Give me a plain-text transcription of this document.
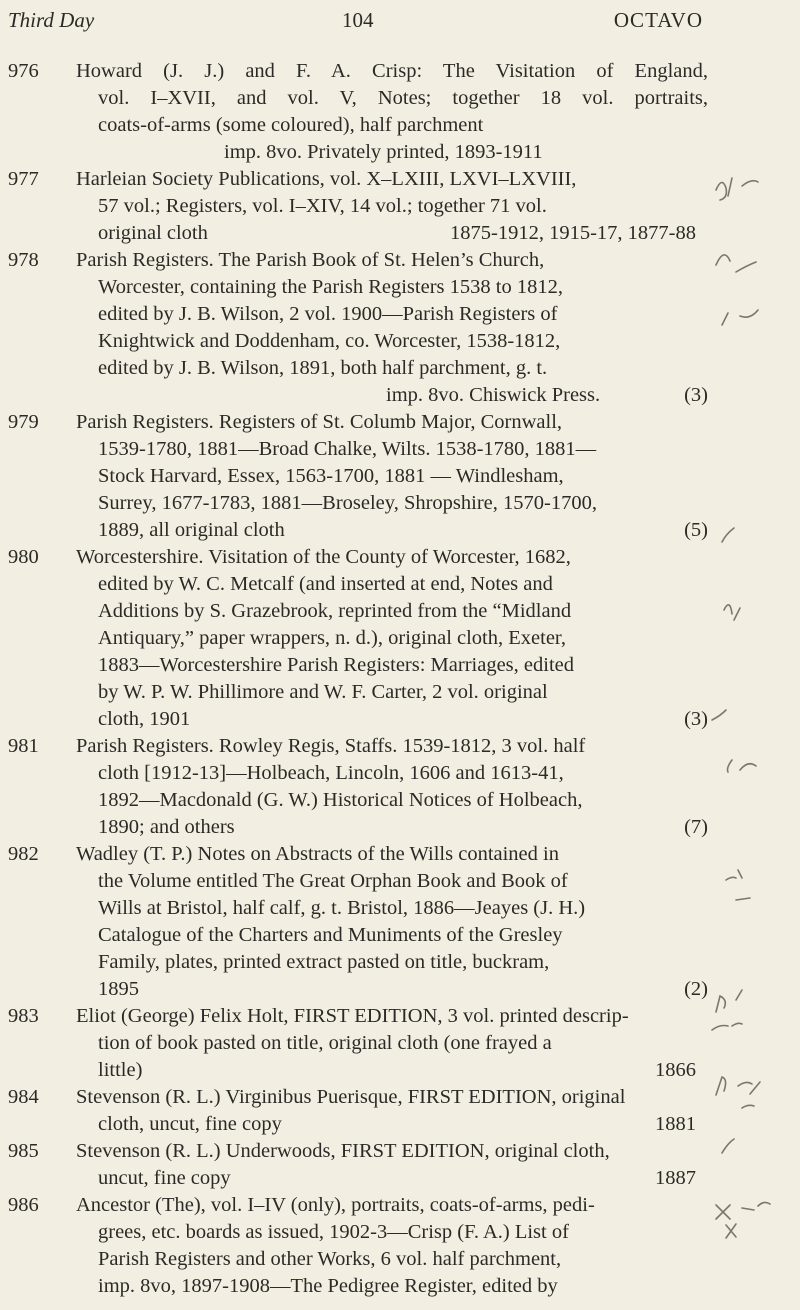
Third Day	104	OCTAVO
976 Howard (J. J.) and F. A. Crisp: The Visitation of England,
vol. I–XVII, and vol. V, Notes; together 18 vol. portraits,
coats-of-arms (some coloured), half parchment
imp. 8vo. Privately printed, 1893-1911
977 Harleian Society Publications, vol. X–LXIII, LXVI–LXVIII,
57 vol.; Registers, vol. I–XIV, 14 vol.; together 71 vol.
original cloth	1875-1912, 1915-17, 1877-88
978 Parish Registers. The Parish Book of St. Helen’s Church,
Worcester, containing the Parish Registers 1538 to 1812,
edited by J. B. Wilson, 2 vol. 1900—Parish Registers of
Knightwick and Doddenham, co. Worcester, 1538-1812,
edited by J. B. Wilson, 1891, both half parchment, g. t.
imp. 8vo. Chiswick Press.	(3)
979 Parish Registers. Registers of St. Columb Major, Cornwall,
1539-1780, 1881—Broad Chalke, Wilts. 1538-1780, 1881—
Stock Harvard, Essex, 1563-1700, 1881 — Windlesham,
Surrey, 1677-1783, 1881—Broseley, Shropshire, 1570-1700,
1889, all original cloth	(5)
980 Worcestershire. Visitation of the County of Worcester, 1682,
edited by W. C. Metcalf (and inserted at end, Notes and
Additions by S. Grazebrook, reprinted from the “Midland
Antiquary,” paper wrappers, n. d.), original cloth, Exeter,
1883—Worcestershire Parish Registers: Marriages, edited
by W. P. W. Phillimore and W. F. Carter, 2 vol. original
cloth, 1901	(3)
981 Parish Registers. Rowley Regis, Staffs. 1539-1812, 3 vol. half
cloth [1912-13]—Holbeach, Lincoln, 1606 and 1613-41,
1892—Macdonald (G. W.) Historical Notices of Holbeach,
1890; and others	(7)
982 Wadley (T. P.) Notes on Abstracts of the Wills contained in
the Volume entitled The Great Orphan Book and Book of
Wills at Bristol, half calf, g. t. Bristol, 1886—Jeayes (J. H.)
Catalogue of the Charters and Muniments of the Gresley
Family, plates, printed extract pasted on title, buckram,
1895	(2)
983 Eliot (George) Felix Holt, FIRST EDITION, 3 vol. printed descrip-
tion of book pasted on title, original cloth (one frayed a
little)	1866
984 Stevenson (R. L.) Virginibus Puerisque, FIRST EDITION, original
cloth, uncut, fine copy	1881
985 Stevenson (R. L.) Underwoods, FIRST EDITION, original cloth,
uncut, fine copy	1887
986 Ancestor (The), vol. I–IV (only), portraits, coats-of-arms, pedi-
grees, etc. boards as issued, 1902-3—Crisp (F. A.) List of
Parish Registers and other Works, 6 vol. half parchment,
imp. 8vo, 1897-1908—The Pedigree Register, edited by
